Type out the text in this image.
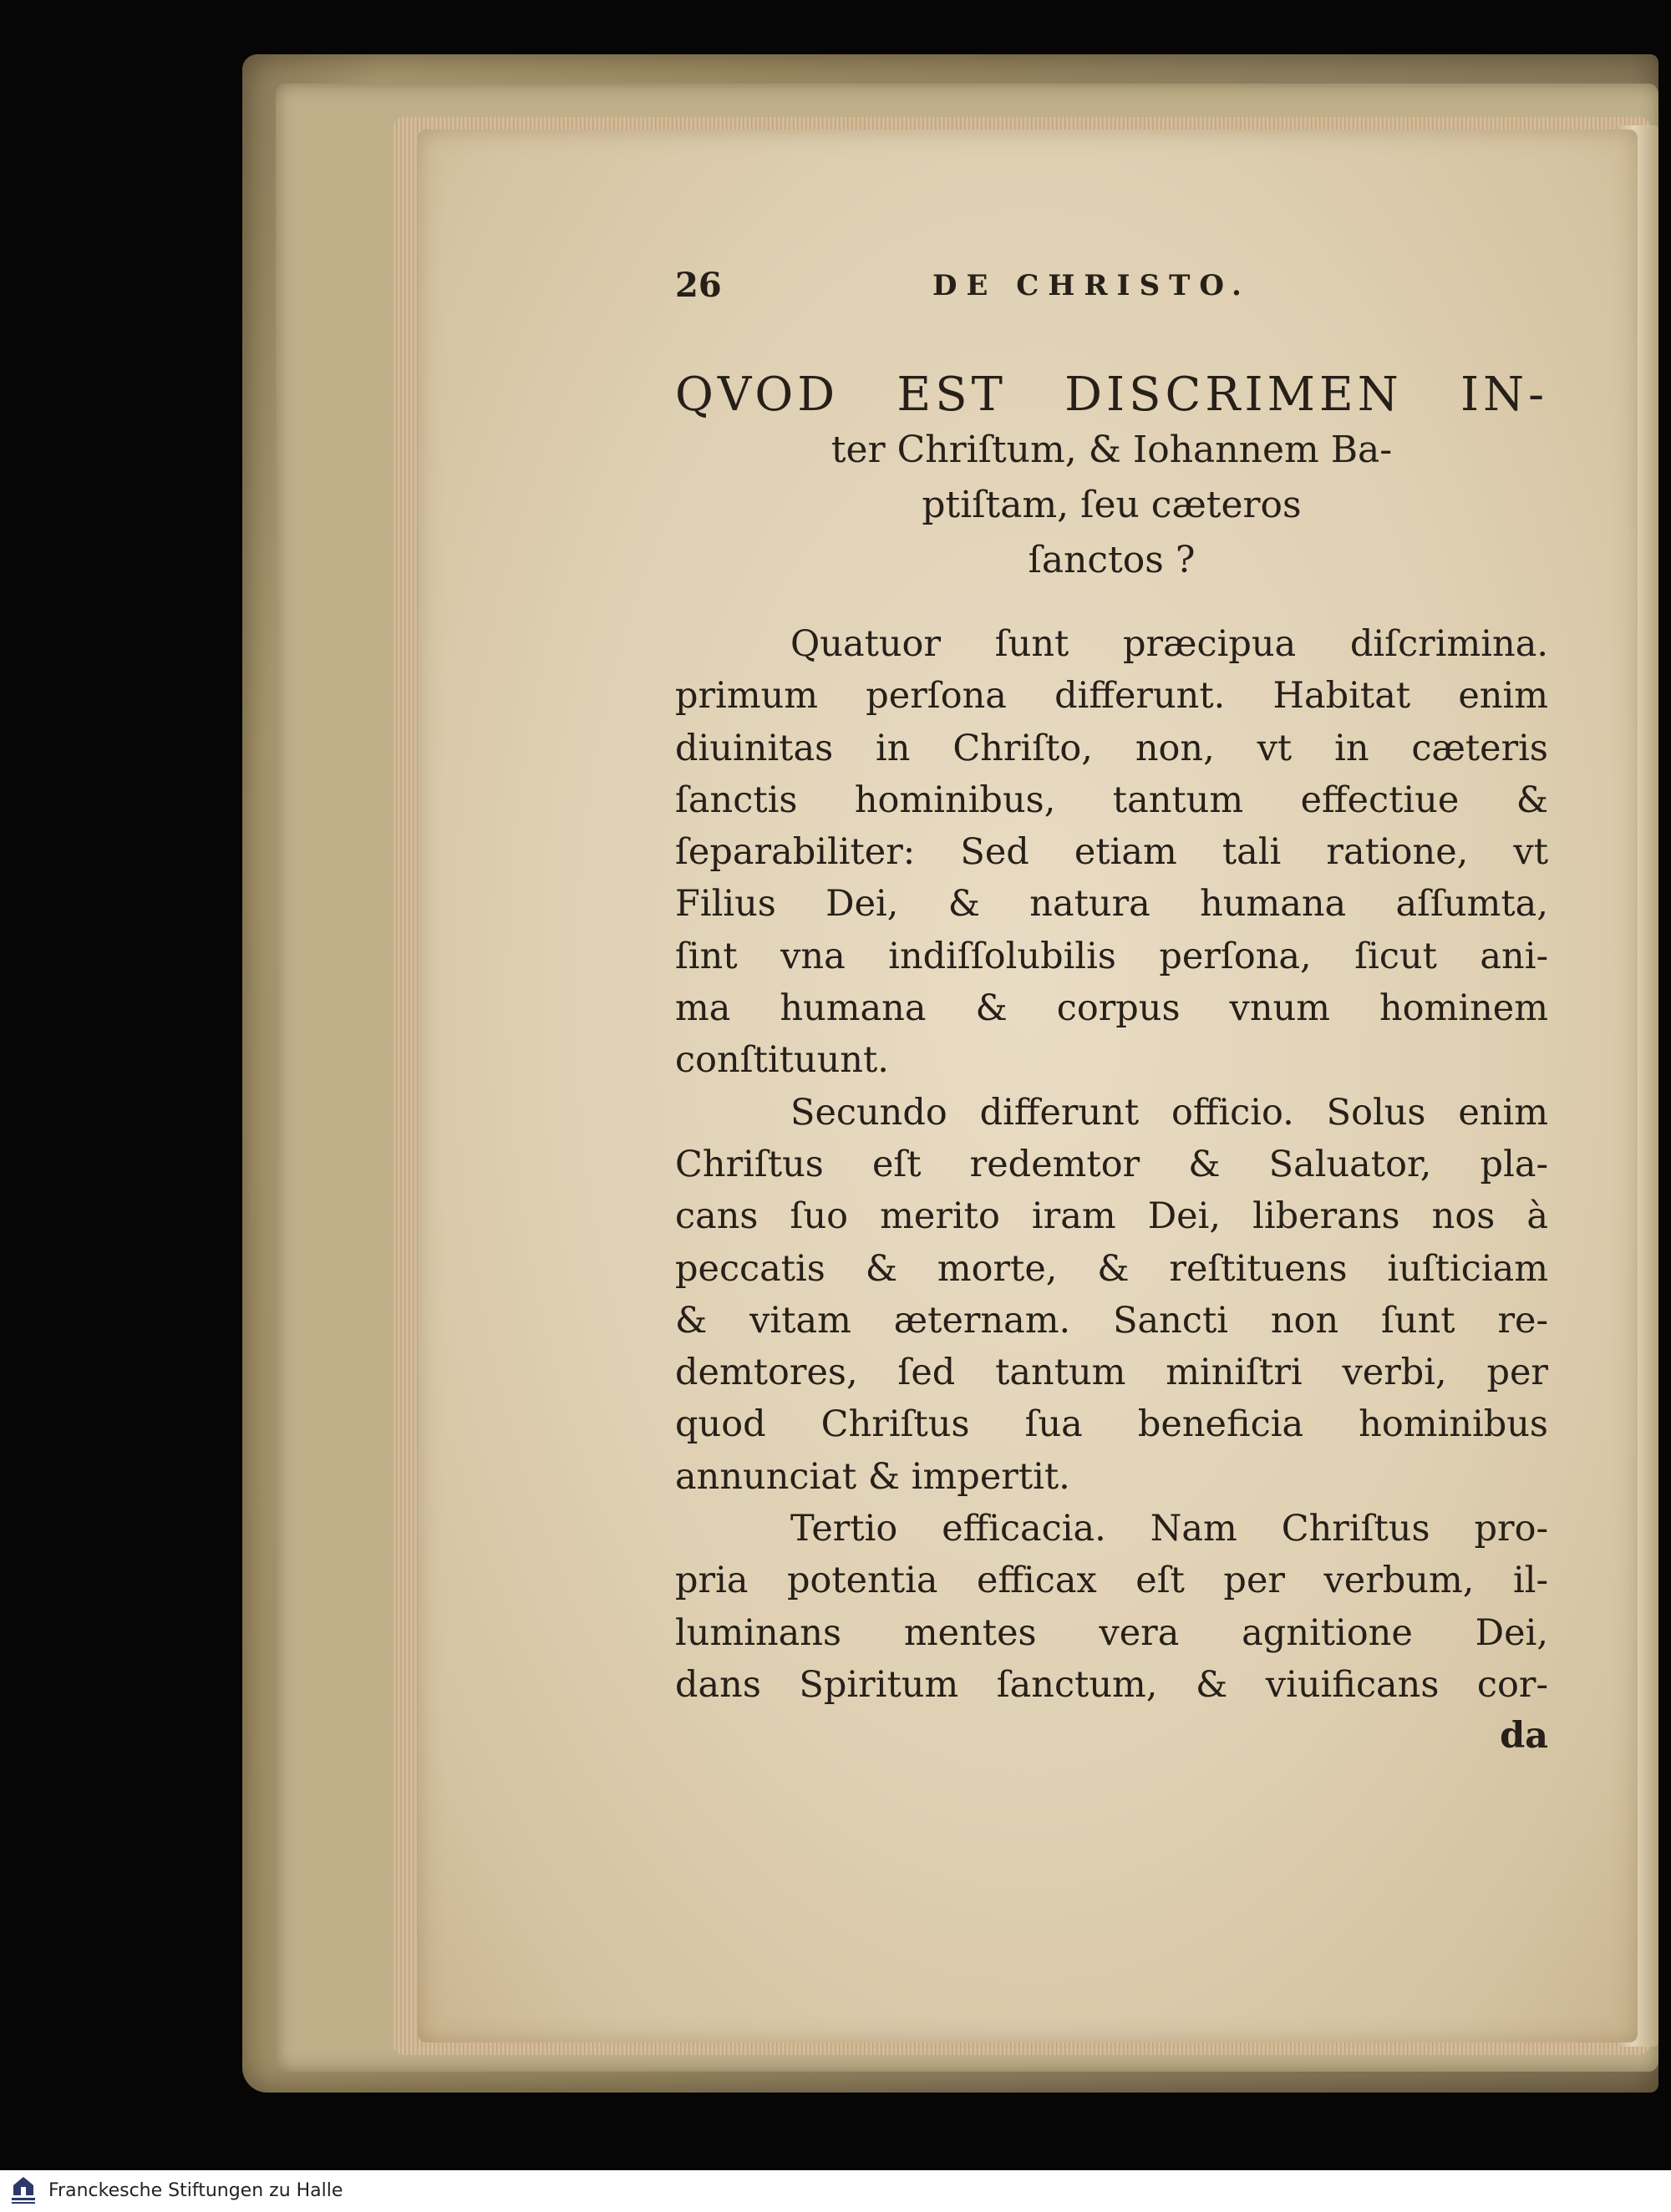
26	DE CHRISTO.
QVOD EST DISCRIMEN IN-
ter Chriſtum, & Iohannem Ba-
ptiſtam, ſeu cæteros
ſanctos ?
Quatuor ſunt præcipua diſcrimina.
primum perſona differunt. Habitat enim
diuinitas in Chriſto, non, vt in cæteris
ſanctis hominibus, tantum effectiue &
ſeparabiliter: Sed etiam tali ratione, vt
Filius Dei, & natura humana aſſumta,
ſint vna indiſſolubilis perſona, ſicut ani-
ma humana & corpus vnum hominem
conſtituunt.
Secundo differunt officio. Solus enim
Chriſtus eſt redemtor & Saluator, pla-
cans ſuo merito iram Dei, liberans nos à
peccatis & morte, & reſtituens iuſticiam
& vitam æternam. Sancti non ſunt re-
demtores, ſed tantum miniſtri verbi, per
quod Chriſtus ſua beneficia hominibus
annunciat & impertit.
Tertio efficacia. Nam Chriſtus pro-
pria potentia efficax eſt per verbum, il-
luminans mentes vera agnitione Dei,
dans Spiritum ſanctum, & viuificans cor-
da
Franckesche Stiftungen zu Halle
